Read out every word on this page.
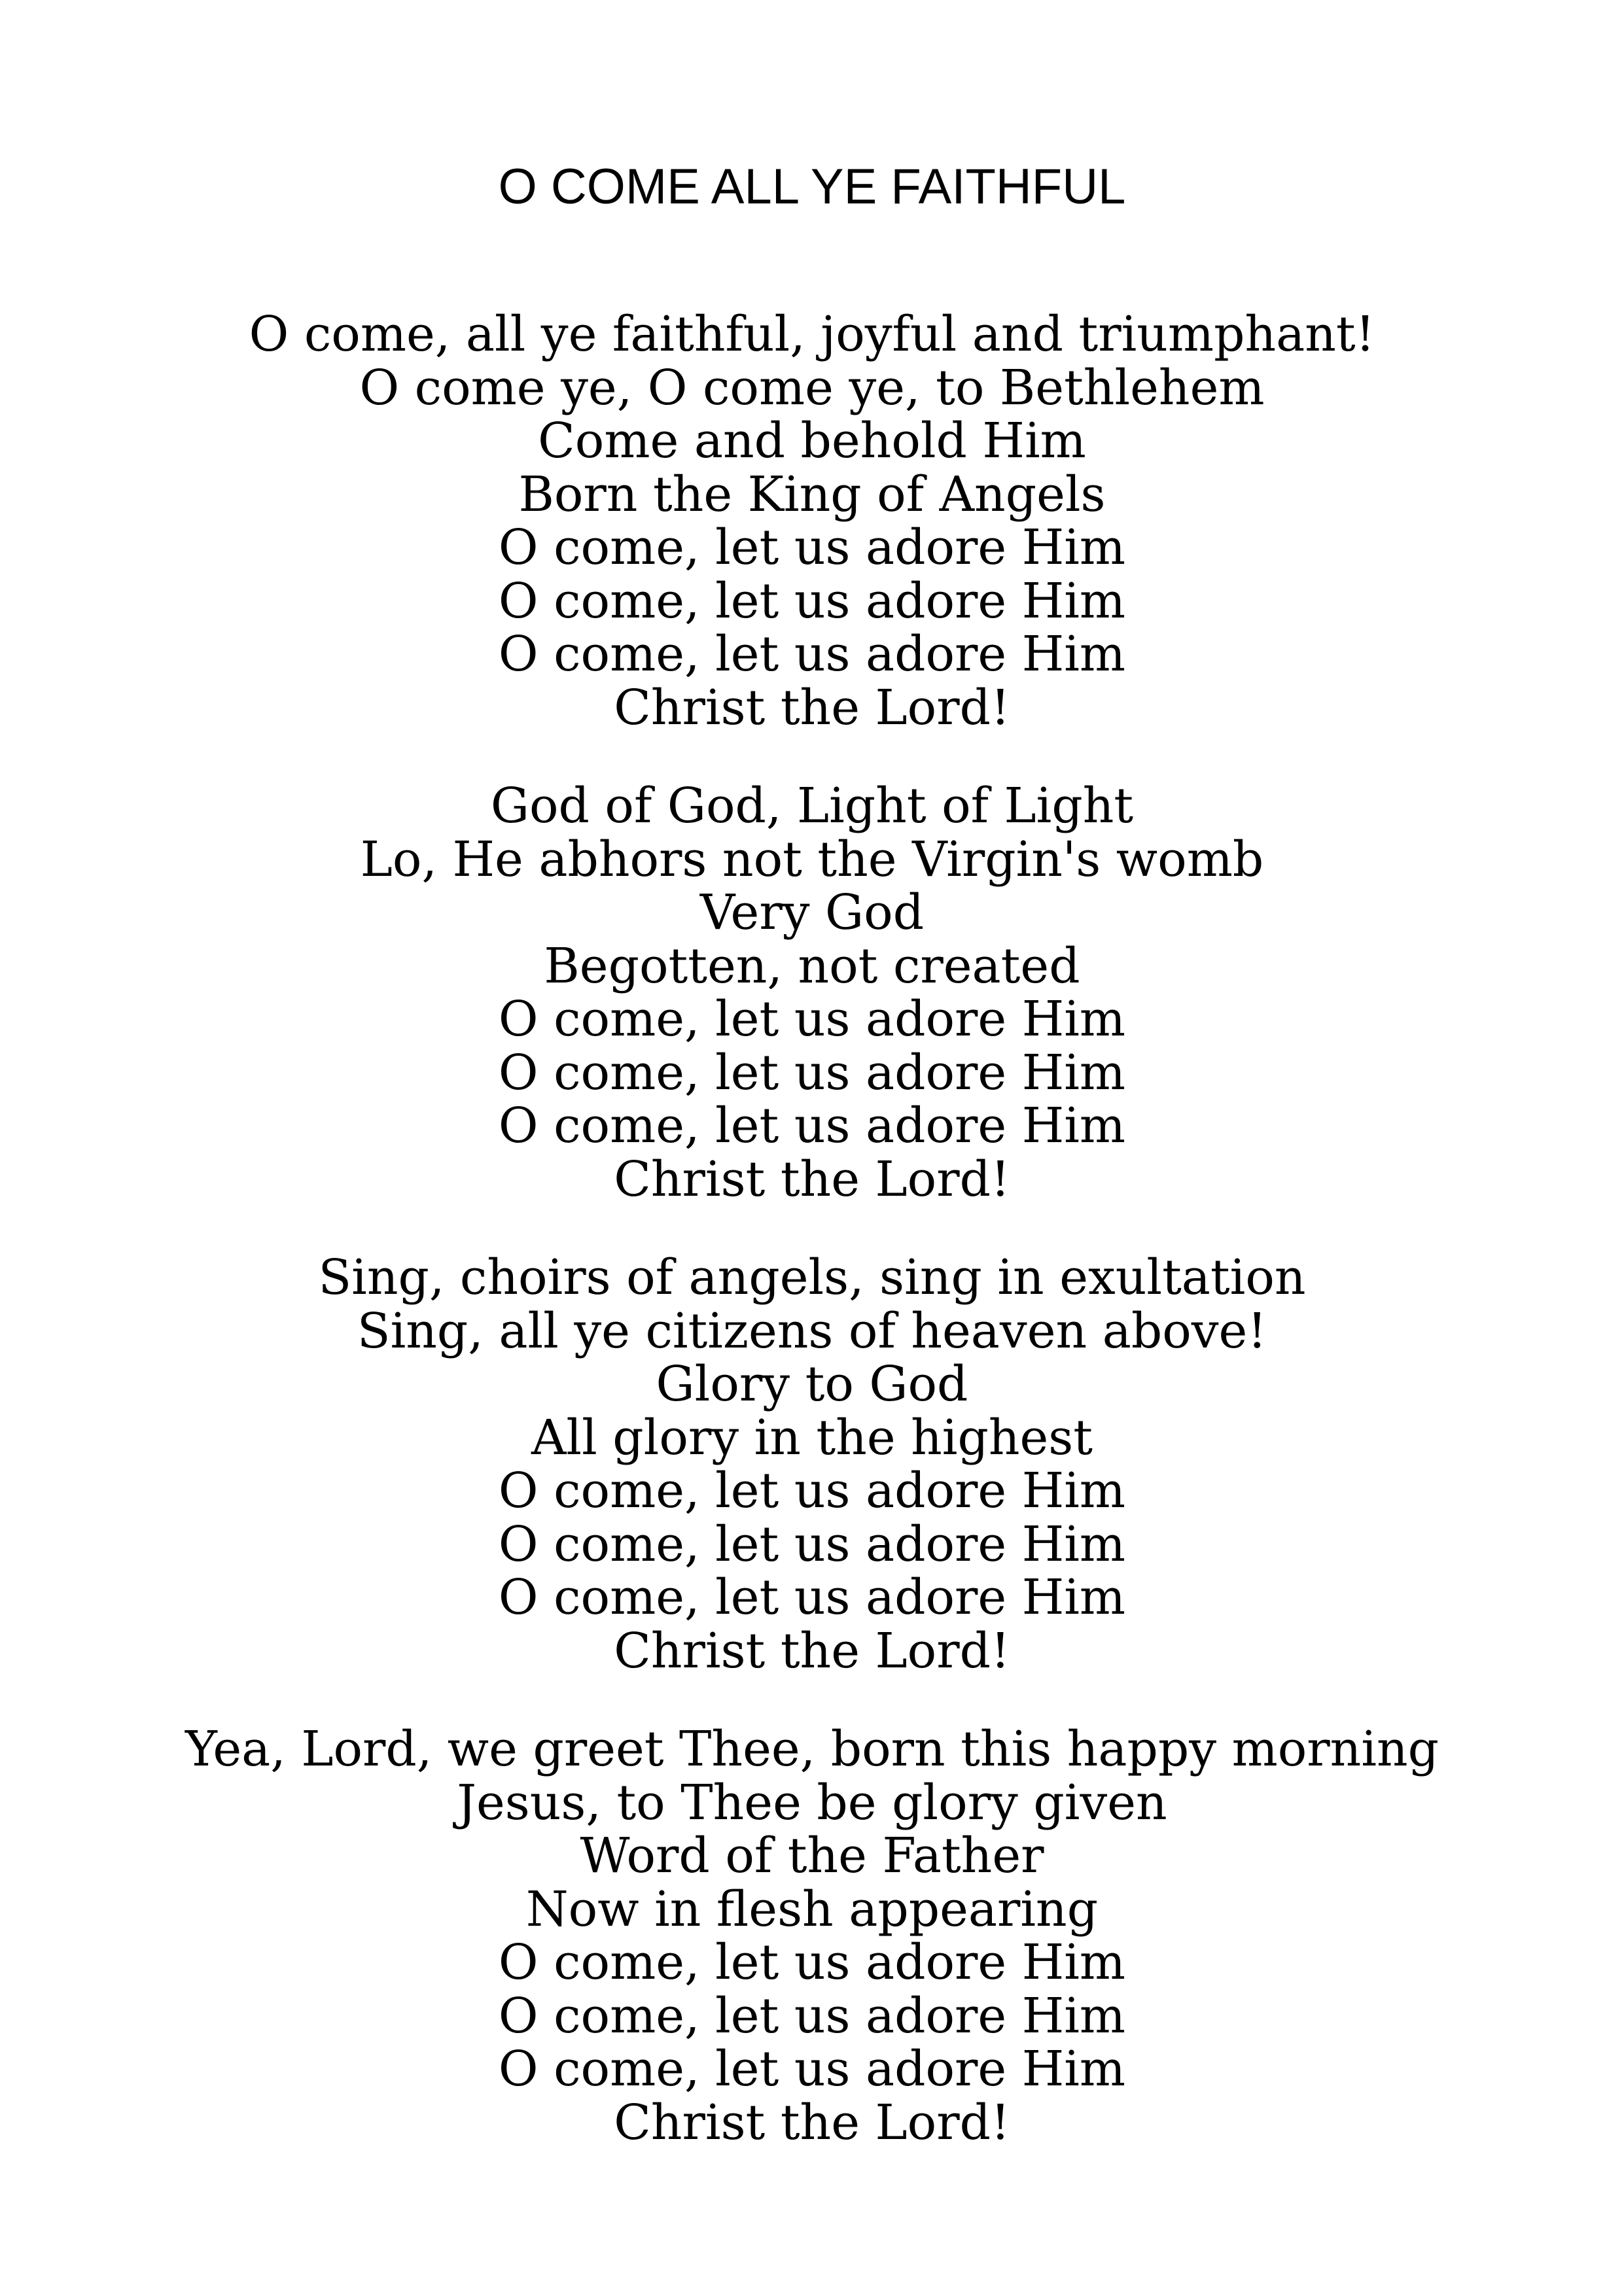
O COME ALL YE FAITHFUL
O come, all ye faithful, joyful and triumphant!
O come ye, O come ye, to Bethlehem
Come and behold Him
Born the King of Angels
O come, let us adore Him
O come, let us adore Him
O come, let us adore Him
Christ the Lord!
God of God, Light of Light
Lo, He abhors not the Virgin's womb
Very God
Begotten, not created
O come, let us adore Him
O come, let us adore Him
O come, let us adore Him
Christ the Lord!
Sing, choirs of angels, sing in exultation
Sing, all ye citizens of heaven above!
Glory to God
All glory in the highest
O come, let us adore Him
O come, let us adore Him
O come, let us adore Him
Christ the Lord!
Yea, Lord, we greet Thee, born this happy morning
Jesus, to Thee be glory given
Word of the Father
Now in flesh appearing
O come, let us adore Him
O come, let us adore Him
O come, let us adore Him
Christ the Lord!
